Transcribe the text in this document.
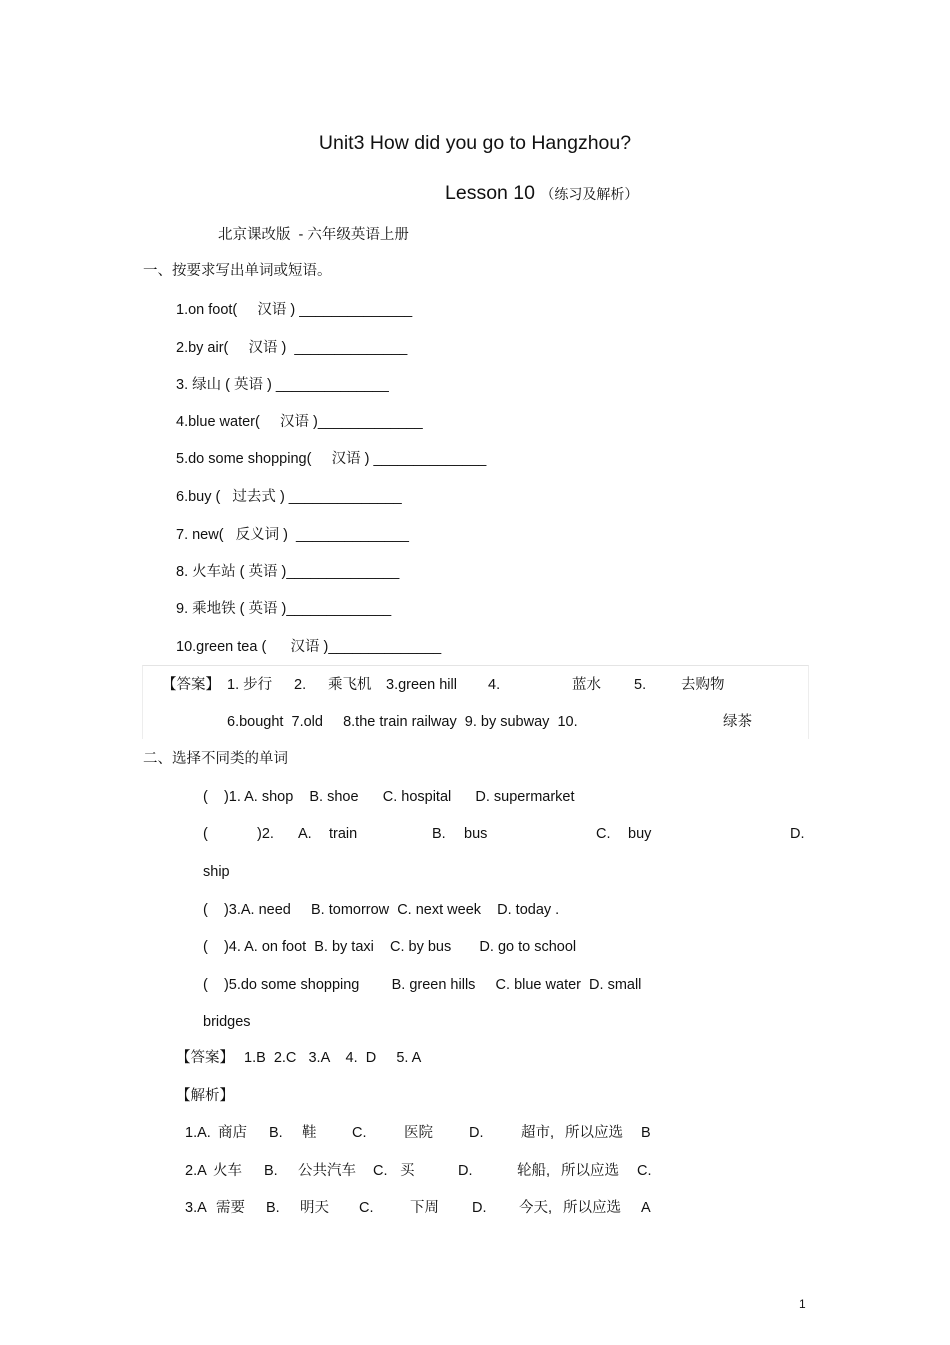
Unit3 How did you go to Hangzhou?
Lesson 10 （练习及解析）
北京课改版  - 六年级英语上册
一、按要求写出单词或短语。
1.on foot(     汉语 ) ______________
2.by air(     汉语 )  ______________
3. 绿山 ( 英语 ) ______________
4.blue water(     汉语 )_____________
5.do some shopping(     汉语 ) ______________
6.buy (   过去式 ) ______________
7. new(   反义词 )  ______________
8. 火车站 ( 英语 )______________
9. 乘地铁 ( 英语 )_____________
10.green tea (      汉语 )______________
【答案】 1. 步行 2. 乘飞机 3.green hill 4.	蓝水 5. 去购物
6.bought  7.old     8.the train railway  9. by subway  10.	绿茶
二、选择不同类的单词
(    )1. A. shop    B. shoe      C. hospital      D. supermarket
(	)2. A. train	B. bus	C. buy	D.
ship
(    )3.A. need     B. tomorrow  C. next week    D. today .
(    )4. A. on foot  B. by taxi    C. by bus       D. go to school
(    )5.do some shopping        B. green hills     C. blue water  D. small
bridges
【答案】 1.B  2.C   3.A    4.  D     5. A
【解析】
1.A. 商店 B. 鞋 C.	医院 D.	超市, 所以应选 B
2.A 火车 B. 公共汽车 C. 买	D.	轮船, 所以应选 C.
3.A 需要 B. 明天 C.	下周 D. 今天, 所以应选 A
1
